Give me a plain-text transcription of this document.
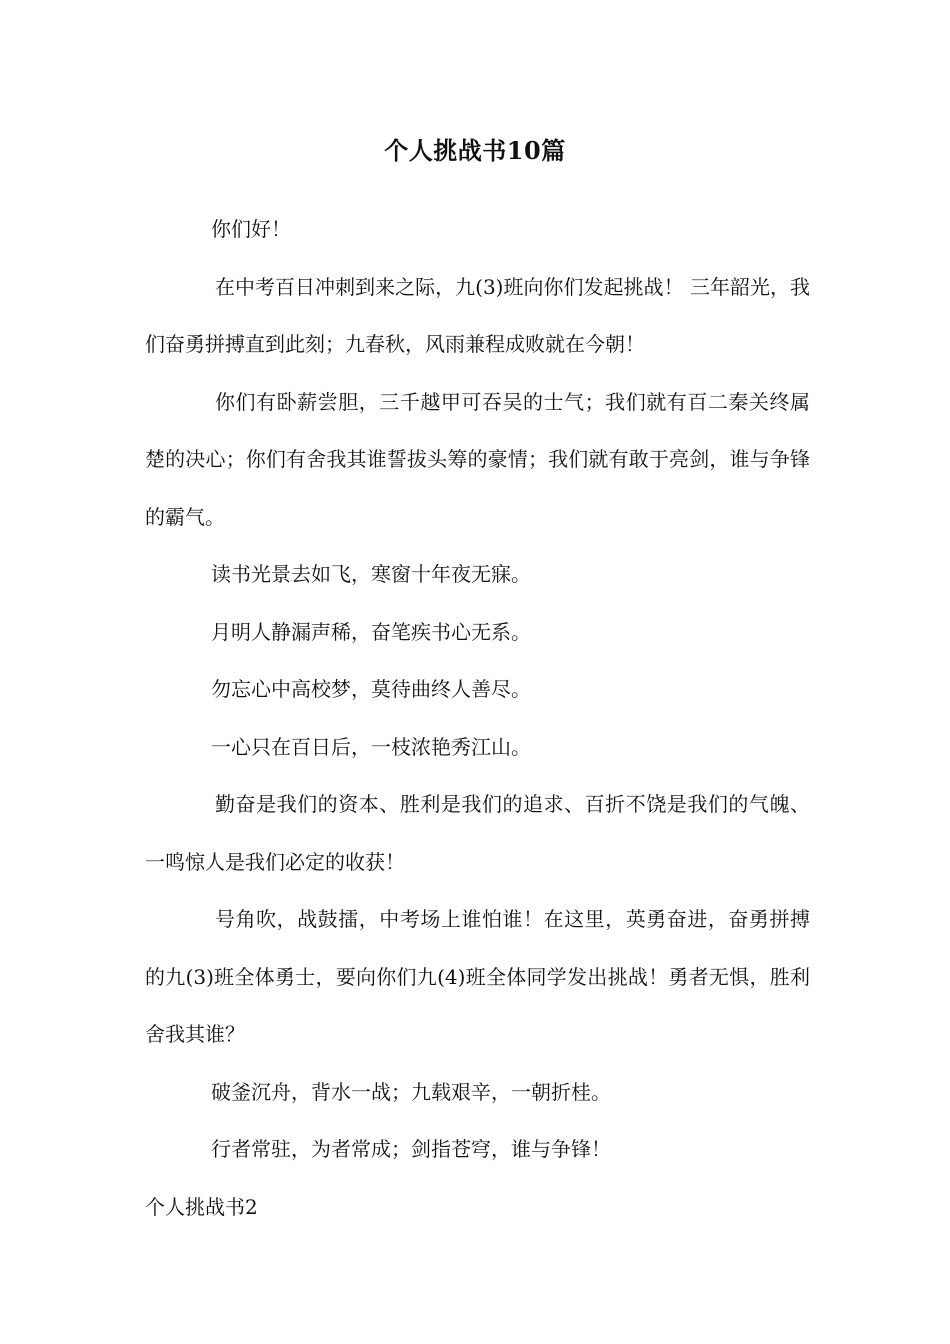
个人挑战书10篇

你们好！

在中考百日冲刺到来之际，九(3)班向你们发起挑战！ 三年韶光，我们奋勇拼搏直到此刻；九春秋，风雨兼程成败就在今朝！

你们有卧薪尝胆，三千越甲可吞吴的士气；我们就有百二秦关终属楚的决心；你们有舍我其谁誓拔头筹的豪情；我们就有敢于亮剑，谁与争锋的霸气。

读书光景去如飞，寒窗十年夜无寐。

月明人静漏声稀，奋笔疾书心无系。

勿忘心中高校梦，莫待曲终人善尽。

一心只在百日后，一枝浓艳秀江山。

勤奋是我们的资本、胜利是我们的追求、百折不饶是我们的气魄、一鸣惊人是我们必定的收获！

号角吹，战鼓擂，中考场上谁怕谁！在这里，英勇奋进，奋勇拼搏的九(3)班全体勇士，要向你们九(4)班全体同学发出挑战！勇者无惧，胜利舍我其谁？

破釜沉舟，背水一战；九载艰辛，一朝折桂。

行者常驻，为者常成；剑指苍穹，谁与争锋！

个人挑战书2
